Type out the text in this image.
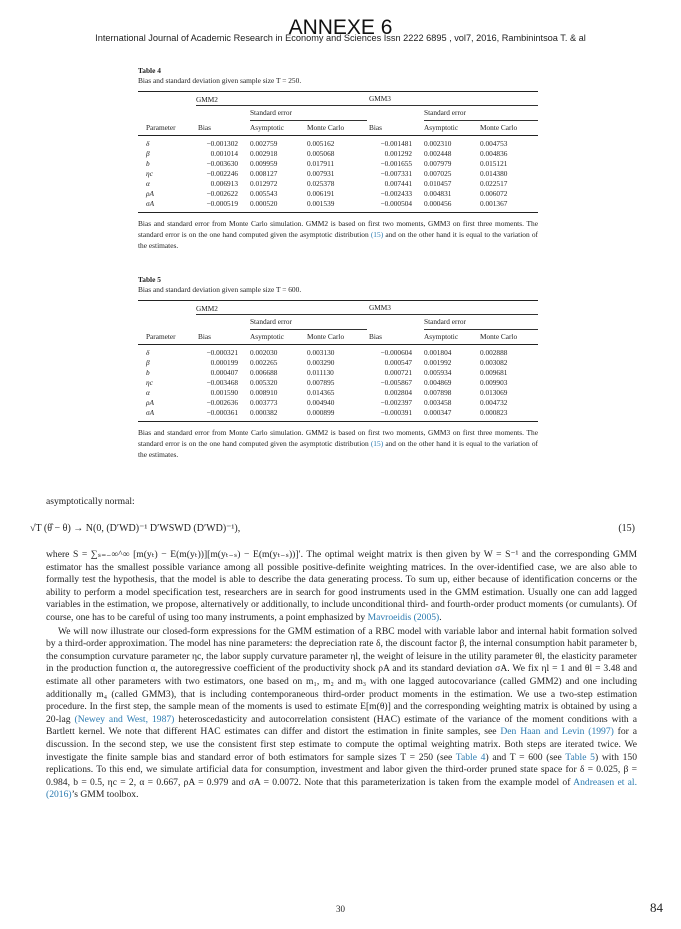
ANNEXE 6
International Journal of Academic Research in Economy and Sciences Issn 2222 6895 , vol7, 2016, Rambinintsoa T. & al
Table 4
Bias and standard deviation given sample size T = 250.
	GMM2			GMM3		
		Standard error			Standard error	
Parameter	Bias	Asymptotic	Monte Carlo	Bias	Asymptotic	Monte Carlo
δ	−0.001302	0.002759	0.005162	−0.001481	0.002310	0.004753
β	0.001014	0.002918	0.005068	0.001292	0.002448	0.004836
b	−0.003630	0.009959	0.017911	−0.001655	0.007979	0.015121
ηc	−0.002246	0.008127	0.007931	−0.007331	0.007025	0.014380
α	0.006913	0.012972	0.025378	0.007441	0.010457	0.022517
ρA	−0.002622	0.005543	0.006191	−0.002433	0.004831	0.006072
σA	−0.000519	0.000520	0.001539	−0.000504	0.000456	0.001367
Bias and standard error from Monte Carlo simulation. GMM2 is based on first two moments, GMM3 on first three moments. The standard error is on the one hand computed given the asymptotic distribution (15) and on the other hand it is equal to the variation of the estimates.
Table 5
Bias and standard deviation given sample size T = 600.
	GMM2			GMM3		
		Standard error			Standard error	
Parameter	Bias	Asymptotic	Monte Carlo	Bias	Asymptotic	Monte Carlo
δ	−0.000321	0.002030	0.003130	−0.000604	0.001804	0.002888
β	0.000199	0.002265	0.003290	0.000547	0.001992	0.003082
b	0.000407	0.006688	0.011130	0.000721	0.005934	0.009681
ηc	−0.003468	0.005320	0.007895	−0.005867	0.004869	0.009903
α	0.001590	0.008910	0.014365	0.002804	0.007898	0.013069
ρA	−0.002636	0.003773	0.004940	−0.002397	0.003458	0.004732
σA	−0.000361	0.000382	0.000899	−0.000391	0.000347	0.000823
Bias and standard error from Monte Carlo simulation. GMM2 is based on first two moments, GMM3 on first three moments. The standard error is on the one hand computed given the asymptotic distribution (15) and on the other hand it is equal to the variation of the estimates.
asymptotically normal:
√T (θ̂ − θ) → N(0, (D′WD)⁻¹ D′WSWD (D′WD)⁻¹),	(15)

where S = ∑ₛ₌₋∞^∞ [m(yₜ) − E(m(yₜ))][m(yₜ₋ₛ) − E(m(yₜ₋ₛ))]′. The optimal weight matrix is then given by W = S⁻¹ and the corresponding GMM estimator has the smallest possible variance among all possible positive-definite weighting matrices. In the over-identified case, we are also able to formally test the hypothesis, that the model is able to describe the data generating process. To sum up, either because of identification concerns or the ability to perform a model specification test, researchers are in search for good instruments used in the GMM estimation. Usually one can add lagged variables in the estimation, we propose, alternatively or additionally, to include unconditional third- and fourth-order product moments (or cumulants). Of course, one has to be careful of using too many instruments, a point emphasized by Mavroeidis (2005).

We will now illustrate our closed-form expressions for the GMM estimation of a RBC model with variable labor and internal habit formation solved by a third-order approximation. The model has nine parameters: the depreciation rate δ, the discount factor β, the internal consumption habit parameter b, the consumption curvature parameter ηc, the labor supply curvature parameter ηl, the weight of leisure in the utility parameter θl, the elasticity parameter in the production function α, the autoregressive coefficient of the productivity shock ρA and its standard deviation σA. We fix ηl = 1 and θl = 3.48 and estimate all other parameters with two estimators, one based on m₁, m₂ and m₃ with one lagged autocovariance (called GMM2) and one including additionally m₄ (called GMM3), that is including contemporaneous third-order product moments in the estimation. We use a two-step estimation procedure. In the first step, the sample mean of the moments is used to estimate E[m(θ)] and the corresponding weighting matrix is obtained by using a 20-lag (Newey and West, 1987) heteroscedasticity and autocorrelation consistent (HAC) estimate of the variance of the moment conditions with a Bartlett kernel. We note that different HAC estimates can differ and distort the estimation in finite samples, see Den Haan and Levin (1997) for a discussion. In the second step, we use the consistent first step estimate to compute the optimal weighting matrix. Both steps are iterated twice. We investigate the finite sample bias and standard error of both estimators for sample sizes T = 250 (see Table 4) and T = 600 (see Table 5) with 150 replications. To this end, we simulate artificial data for consumption, investment and labor given the third-order pruned state space for δ = 0.025, β = 0.984, b = 0.5, ηc = 2, α = 0.667, ρA = 0.979 and σA = 0.0072. Note that this parameterization is taken from the example model of Andreasen et al. (2016)’s GMM toolbox.

30	84
